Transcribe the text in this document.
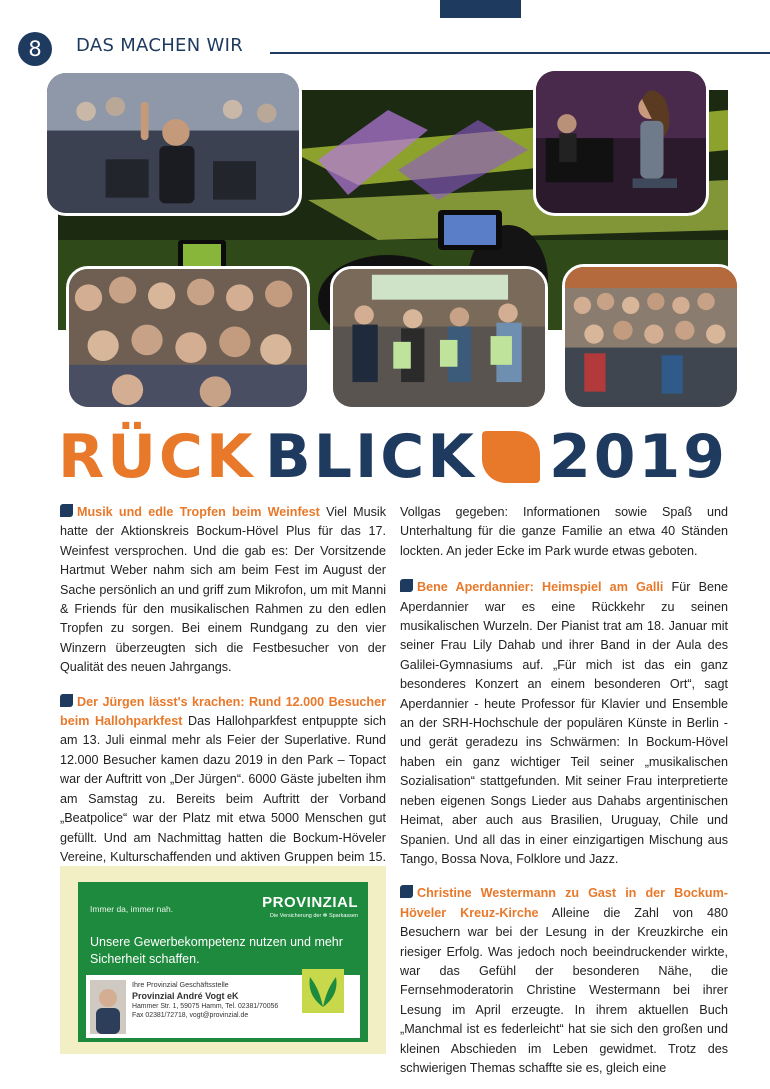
8	DAS MACHEN WIR
RÜCK BLICK 2019

Musik und edle Tropfen beim Weinfest Viel Musik hatte der Aktionskreis Bockum-Hövel Plus für das 17. Weinfest versprochen. Und die gab es: Der Vorsitzende Hartmut Weber nahm sich am beim Fest im August der Sache persönlich an und griff zum Mikrofon, um mit Manni & Friends für den musikalischen Rahmen zu den edlen Tropfen zu sorgen. Bei einem Rundgang zu den vier Winzern überzeugten sich die Festbesucher von der Qualität des neuen Jahrgangs.

Der Jürgen lässt's krachen: Rund 12.000 Besucher beim Hallohparkfest Das Hallohparkfest entpuppte sich am 13. Juli einmal mehr als Feier der Superlative. Rund 12.000 Besucher kamen dazu 2019 in den Park – Topact war der Auftritt von „Der Jürgen“. 6000 Gäste jubelten ihm am Samstag zu. Bereits beim Auftritt der Vorband „Beatpolice“ war der Platz mit etwa 5000 Menschen gut gefüllt. Und am Nachmittag hatten die Bockum-Höveler Vereine, Kulturschaffenden und aktiven Gruppen beim 15.

Vollgas gegeben: Informationen sowie Spaß und Unterhaltung für die ganze Familie an etwa 40 Ständen lockten. An jeder Ecke im Park wurde etwas geboten.

Bene Aperdannier: Heimspiel am Galli Für Bene Aperdannier war es eine Rückkehr zu seinen musikalischen Wurzeln. Der Pianist trat am 18. Januar mit seiner Frau Lily Dahab und ihrer Band in der Aula des Galilei-Gymnasiums auf. „Für mich ist das ein ganz besonderes Konzert an einem besonderen Ort“, sagt Aperdannier - heute Professor für Klavier und Ensemble an der SRH-Hochschule der populären Künste in Berlin - und gerät geradezu ins Schwärmen: In Bockum-Hövel haben ein ganz wichtiger Teil seiner „musikalischen Sozialisation“ stattgefunden. Mit seiner Frau interpretierte neben eigenen Songs Lieder aus Dahabs argentinischen Heimat, aber auch aus Brasilien, Uruguay, Chile und Spanien. Und all das in einer einzigartigen Mischung aus Tango, Bossa Nova, Folklore und Jazz.

Christine Westermann zu Gast in der Bockum-Höveler Kreuz-Kirche Alleine die Zahl von 480 Besuchern war bei der Lesung in der Kreuzkirche ein riesiger Erfolg. Was jedoch noch beeindruckender wirkte, war das Gefühl der besonderen Nähe, die Fernsehmoderatorin Christine Westermann bei ihrer Lesung im April erzeugte. In ihrem aktuellen Buch „Manchmal ist es federleicht“ hat sie sich den großen und kleinen Abschieden im Leben gewidmet. Trotz des schwierigen Themas schaffte sie es, gleich eine

Immer da, immer nah.	PROVINZIAL
Die Versicherung der ✻ Sparkassen
Unsere Gewerbekompetenz nutzen und mehr Sicherheit schaffen.
Ihre Provinzial Geschäftsstelle
Provinzial André Vogt eK
Hammer Str. 1, 59075 Hamm, Tel. 02381/70056
Fax 02381/72718, vogt@provinzial.de
